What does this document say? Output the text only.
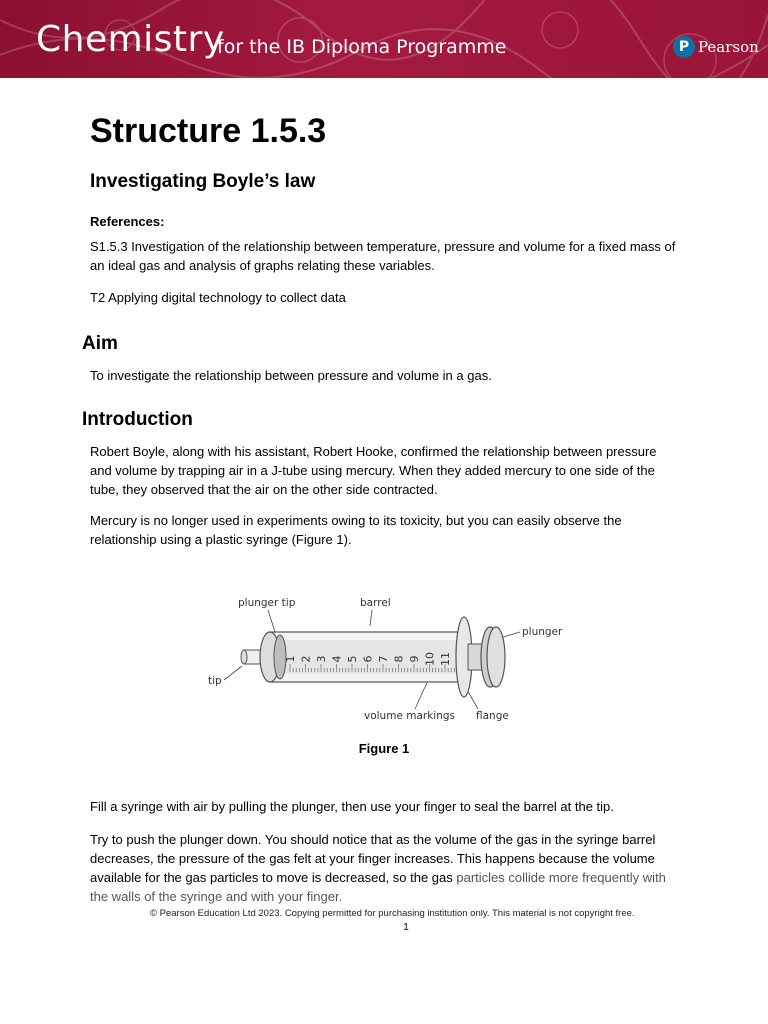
Chemistry
for the IB Diploma Programme	P Pearson
Structure 1.5.3
Investigating Boyle’s law
References:
S1.5.3 Investigation of the relationship between temperature, pressure and volume for a fixed mass of an ideal gas and analysis of graphs relating these variables.
T2 Applying digital technology to collect data
Aim
To investigate the relationship between pressure and volume in a gas.
Introduction
Robert Boyle, along with his assistant, Robert Hooke, confirmed the relationship between pressure and volume by trapping air in a J-tube using mercury. When they added mercury to one side of the tube, they observed that the air on the other side contracted.
Mercury is no longer used in experiments owing to its toxicity, but you can easily observe the relationship using a plastic syringe (Figure 1).
plunger tip	barrel
plunger
tip
volume markings flange
1 2 3 4 5 6 7 8 9 10 11
Figure 1
Fill a syringe with air by pulling the plunger, then use your finger to seal the barrel at the tip.
Try to push the plunger down. You should notice that as the volume of the gas in the syringe barrel decreases, the pressure of the gas felt at your finger increases. This happens because the volume available for the gas particles to move is decreased, so the gas particles collide more frequently with the walls of the syringe and with your finger.
© Pearson Education Ltd 2023. Copying permitted for purchasing institution only. This material is not copyright free.
1
